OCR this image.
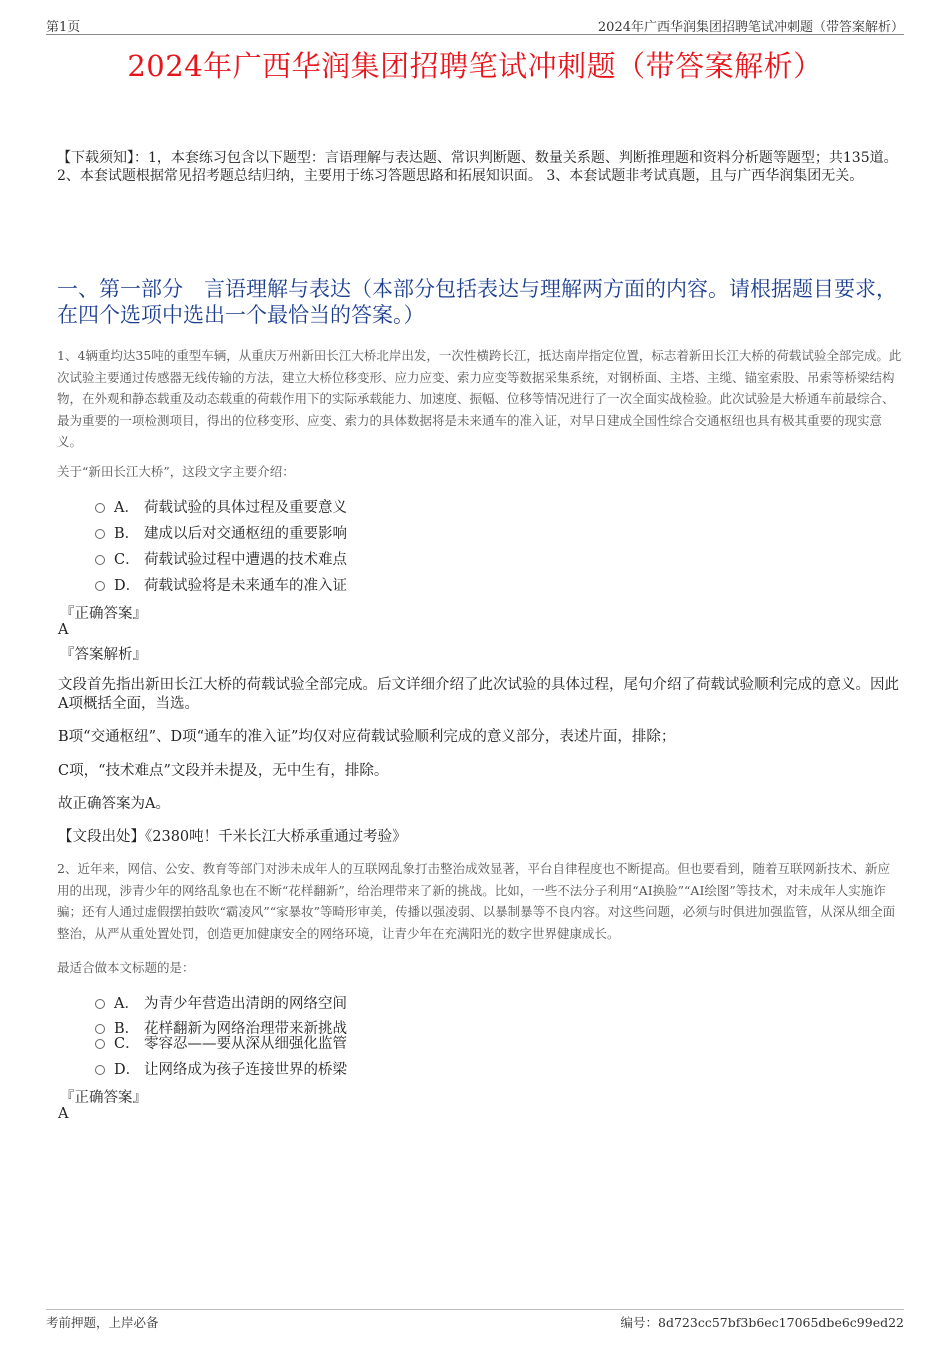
第1页	2024年广西华润集团招聘笔试冲刺题（带答案解析）
2024年广西华润集团招聘笔试冲刺题（带答案解析）
【下载须知】：1，本套练习包含以下题型：言语理解与表达题、常识判断题、数量关系题、判断推理题和资料分析题等题型；共135道。 2、本套试题根据常见招考题总结归纳，主要用于练习答题思路和拓展知识面。 3、本套试题非考试真题，且与广西华润集团无关。
一、第一部分　言语理解与表达（本部分包括表达与理解两方面的内容。请根据题目要求，在四个选项中选出一个最恰当的答案。）
1、4辆重均达35吨的重型车辆，从重庆万州新田长江大桥北岸出发，一次性横跨长江，抵达南岸指定位置，标志着新田长江大桥的荷载试验全部完成。此次试验主要通过传感器无线传输的方法，建立大桥位移变形、应力应变、索力应变等数据采集系统，对钢桥面、主塔、主缆、锚室索股、吊索等桥梁结构物，在外观和静态载重及动态载重的荷载作用下的实际承载能力、加速度、振幅、位移等情况进行了一次全面实战检验。此次试验是大桥通车前最综合、最为重要的一项检测项目，得出的位移变形、应变、索力的具体数据将是未来通车的准入证，对早日建成全国性综合交通枢纽也具有极其重要的现实意义。
关于“新田长江大桥”，这段文字主要介绍：
A． 荷载试验的具体过程及重要意义
B． 建成以后对交通枢纽的重要影响
C． 荷载试验过程中遭遇的技术难点
D． 荷载试验将是未来通车的准入证
『正确答案』
A
『答案解析』
文段首先指出新田长江大桥的荷载试验全部完成。后文详细介绍了此次试验的具体过程，尾句介绍了荷载试验顺利完成的意义。因此A项概括全面，当选。
B项“交通枢纽”、D项“通车的准入证”均仅对应荷载试验顺利完成的意义部分，表述片面，排除；
C项，“技术难点”文段并未提及，无中生有，排除。
故正确答案为A。
【文段出处】《2380吨！千米长江大桥承重通过考验》
2、近年来，网信、公安、教育等部门对涉未成年人的互联网乱象打击整治成效显著，平台自律程度也不断提高。但也要看到，随着互联网新技术、新应用的出现，涉青少年的网络乱象也在不断“花样翻新”，给治理带来了新的挑战。比如，一些不法分子利用“AI换脸”“AI绘图”等技术，对未成年人实施诈骗；还有人通过虚假摆拍鼓吹“霸凌风”“家暴妆”等畸形审美，传播以强凌弱、以暴制暴等不良内容。对这些问题，必须与时俱进加强监管，从深从细全面整治，从严从重处置处罚，创造更加健康安全的网络环境，让青少年在充满阳光的数字世界健康成长。
最适合做本文标题的是：
A． 为青少年营造出清朗的网络空间
B． 花样翻新为网络治理带来新挑战
C． 零容忍——要从深从细强化监管
D． 让网络成为孩子连接世界的桥梁
『正确答案』
A
考前押题，上岸必备	编号：8d723cc57bf3b6ec17065dbe6c99ed22
